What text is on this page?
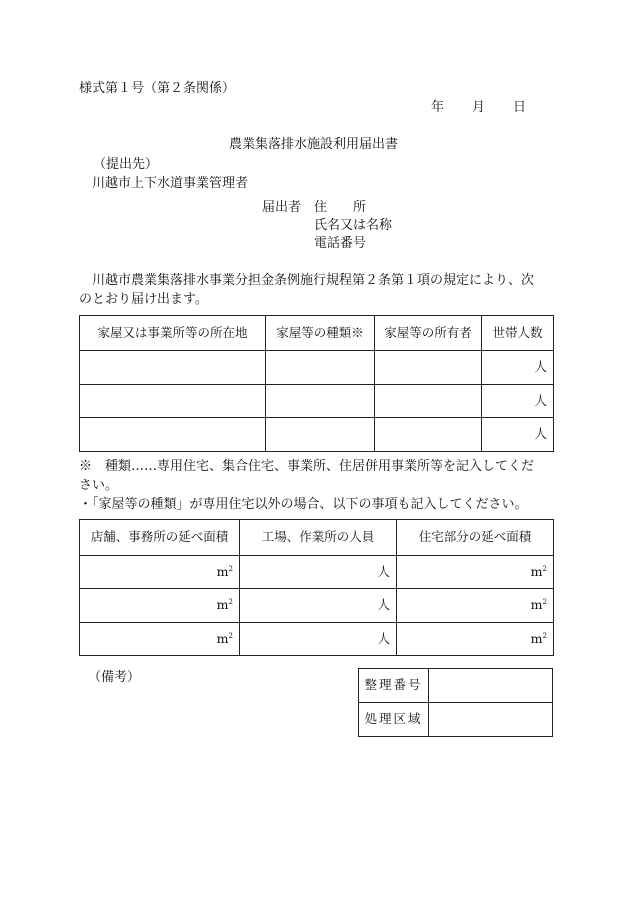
様式第１号（第２条関係）
年 月 日
農業集落排水施設利用届出書
（提出先）
川越市上下水道事業管理者
届出者 住　　所
氏名又は名称
電話番号
川越市農業集落排水事業分担金条例施行規程第２条第１項の規定により、次
のとおり届け出ます。
家屋又は事業所等の所在地	家屋等の種類※	家屋等の所有者	世帯人数
			人
			人
			人
※　種類……専用住宅、集合住宅、事業所、住居併用事業所等を記入してくだ
さい。
・「家屋等の種類」が専用住宅以外の場合、以下の事項も記入してください。
店舗、事務所の延べ面積	工場、作業所の人員	住宅部分の延べ面積
$m^2$	人	$m^2$
$m^2$	人	$m^2$
$m^2$	人	$m^2$
（備考）	整理番号	
処理区域	
